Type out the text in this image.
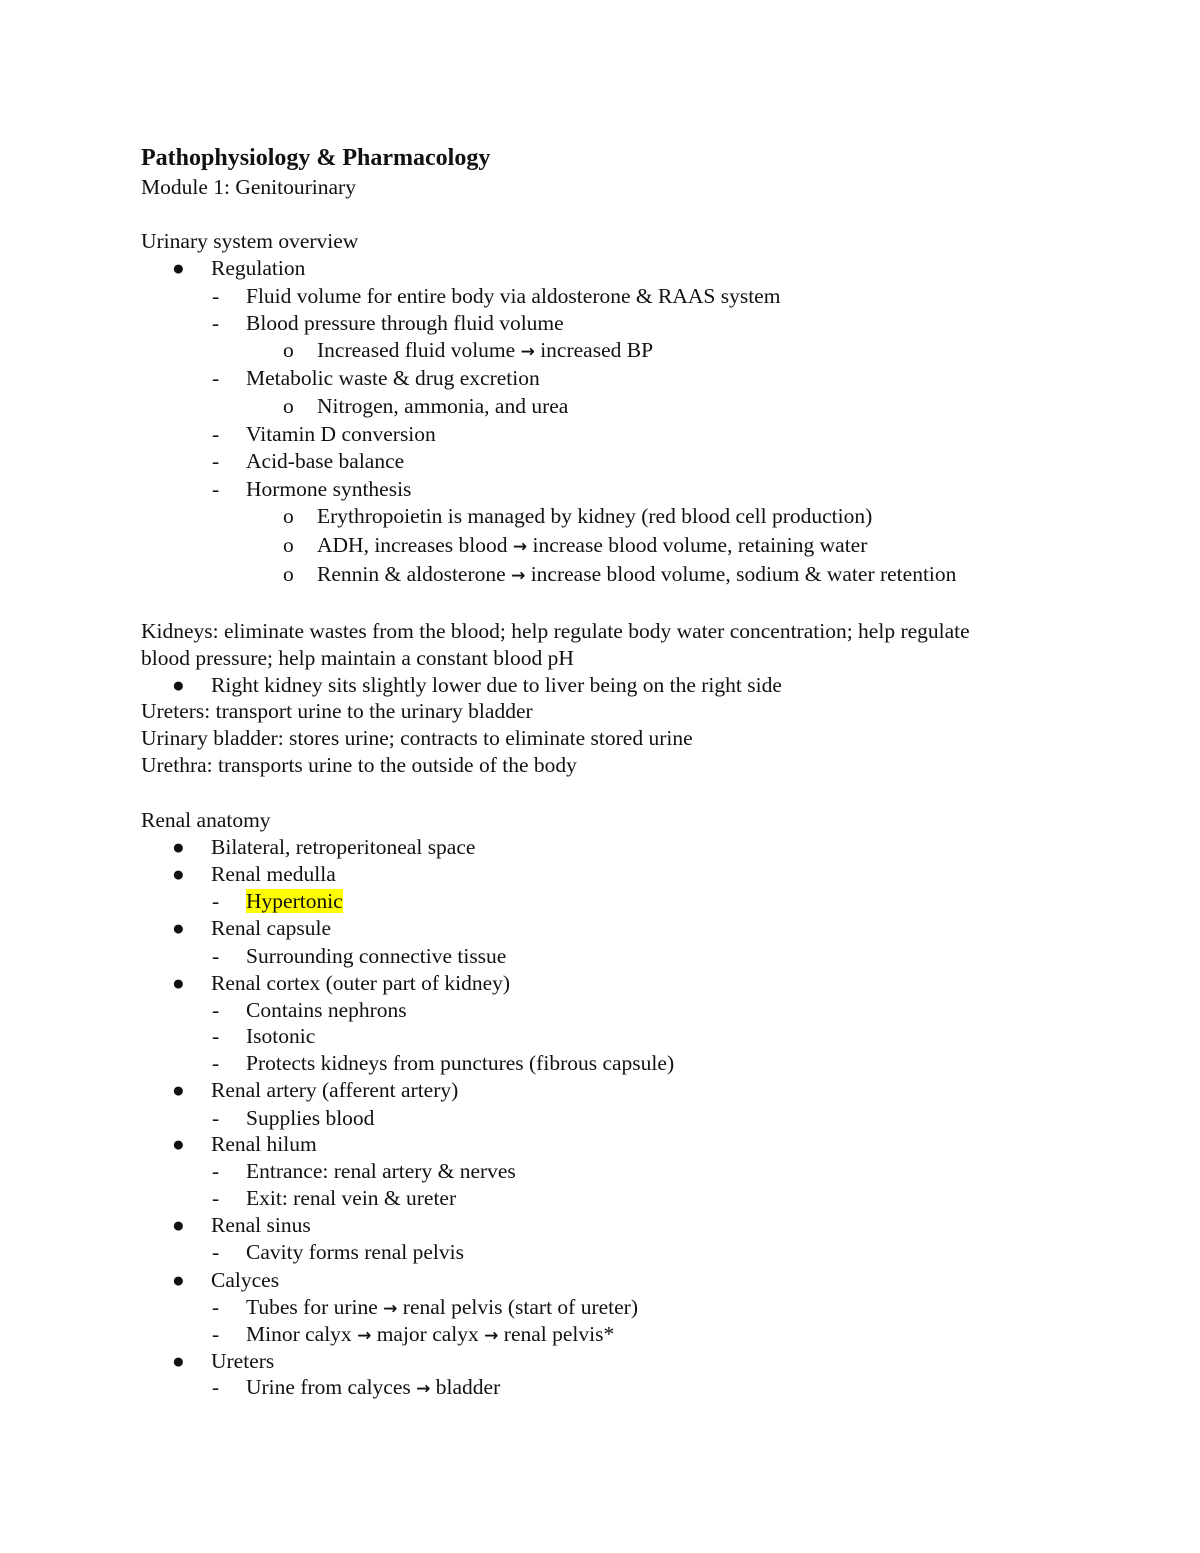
Pathophysiology & Pharmacology
Module 1: Genitourinary
Urinary system overview
● Regulation
- Fluid volume for entire body via aldosterone & RAAS system
- Blood pressure through fluid volume
o Increased fluid volume → increased BP
- Metabolic waste & drug excretion
o Nitrogen, ammonia, and urea
- Vitamin D conversion
- Acid-base balance
- Hormone synthesis
o Erythropoietin is managed by kidney (red blood cell production)
o ADH, increases blood → increase blood volume, retaining water
o Rennin & aldosterone → increase blood volume, sodium & water retention
Kidneys: eliminate wastes from the blood; help regulate body water concentration; help regulate
blood pressure; help maintain a constant blood pH
● Right kidney sits slightly lower due to liver being on the right side
Ureters: transport urine to the urinary bladder
Urinary bladder: stores urine; contracts to eliminate stored urine
Urethra: transports urine to the outside of the body
Renal anatomy
● Bilateral, retroperitoneal space
● Renal medulla
- Hypertonic
● Renal capsule
- Surrounding connective tissue
● Renal cortex (outer part of kidney)
- Contains nephrons
- Isotonic
- Protects kidneys from punctures (fibrous capsule)
● Renal artery (afferent artery)
- Supplies blood
● Renal hilum
- Entrance: renal artery & nerves
- Exit: renal vein & ureter
● Renal sinus
- Cavity forms renal pelvis
● Calyces
- Tubes for urine → renal pelvis (start of ureter)
- Minor calyx → major calyx → renal pelvis*
● Ureters
- Urine from calyces → bladder
